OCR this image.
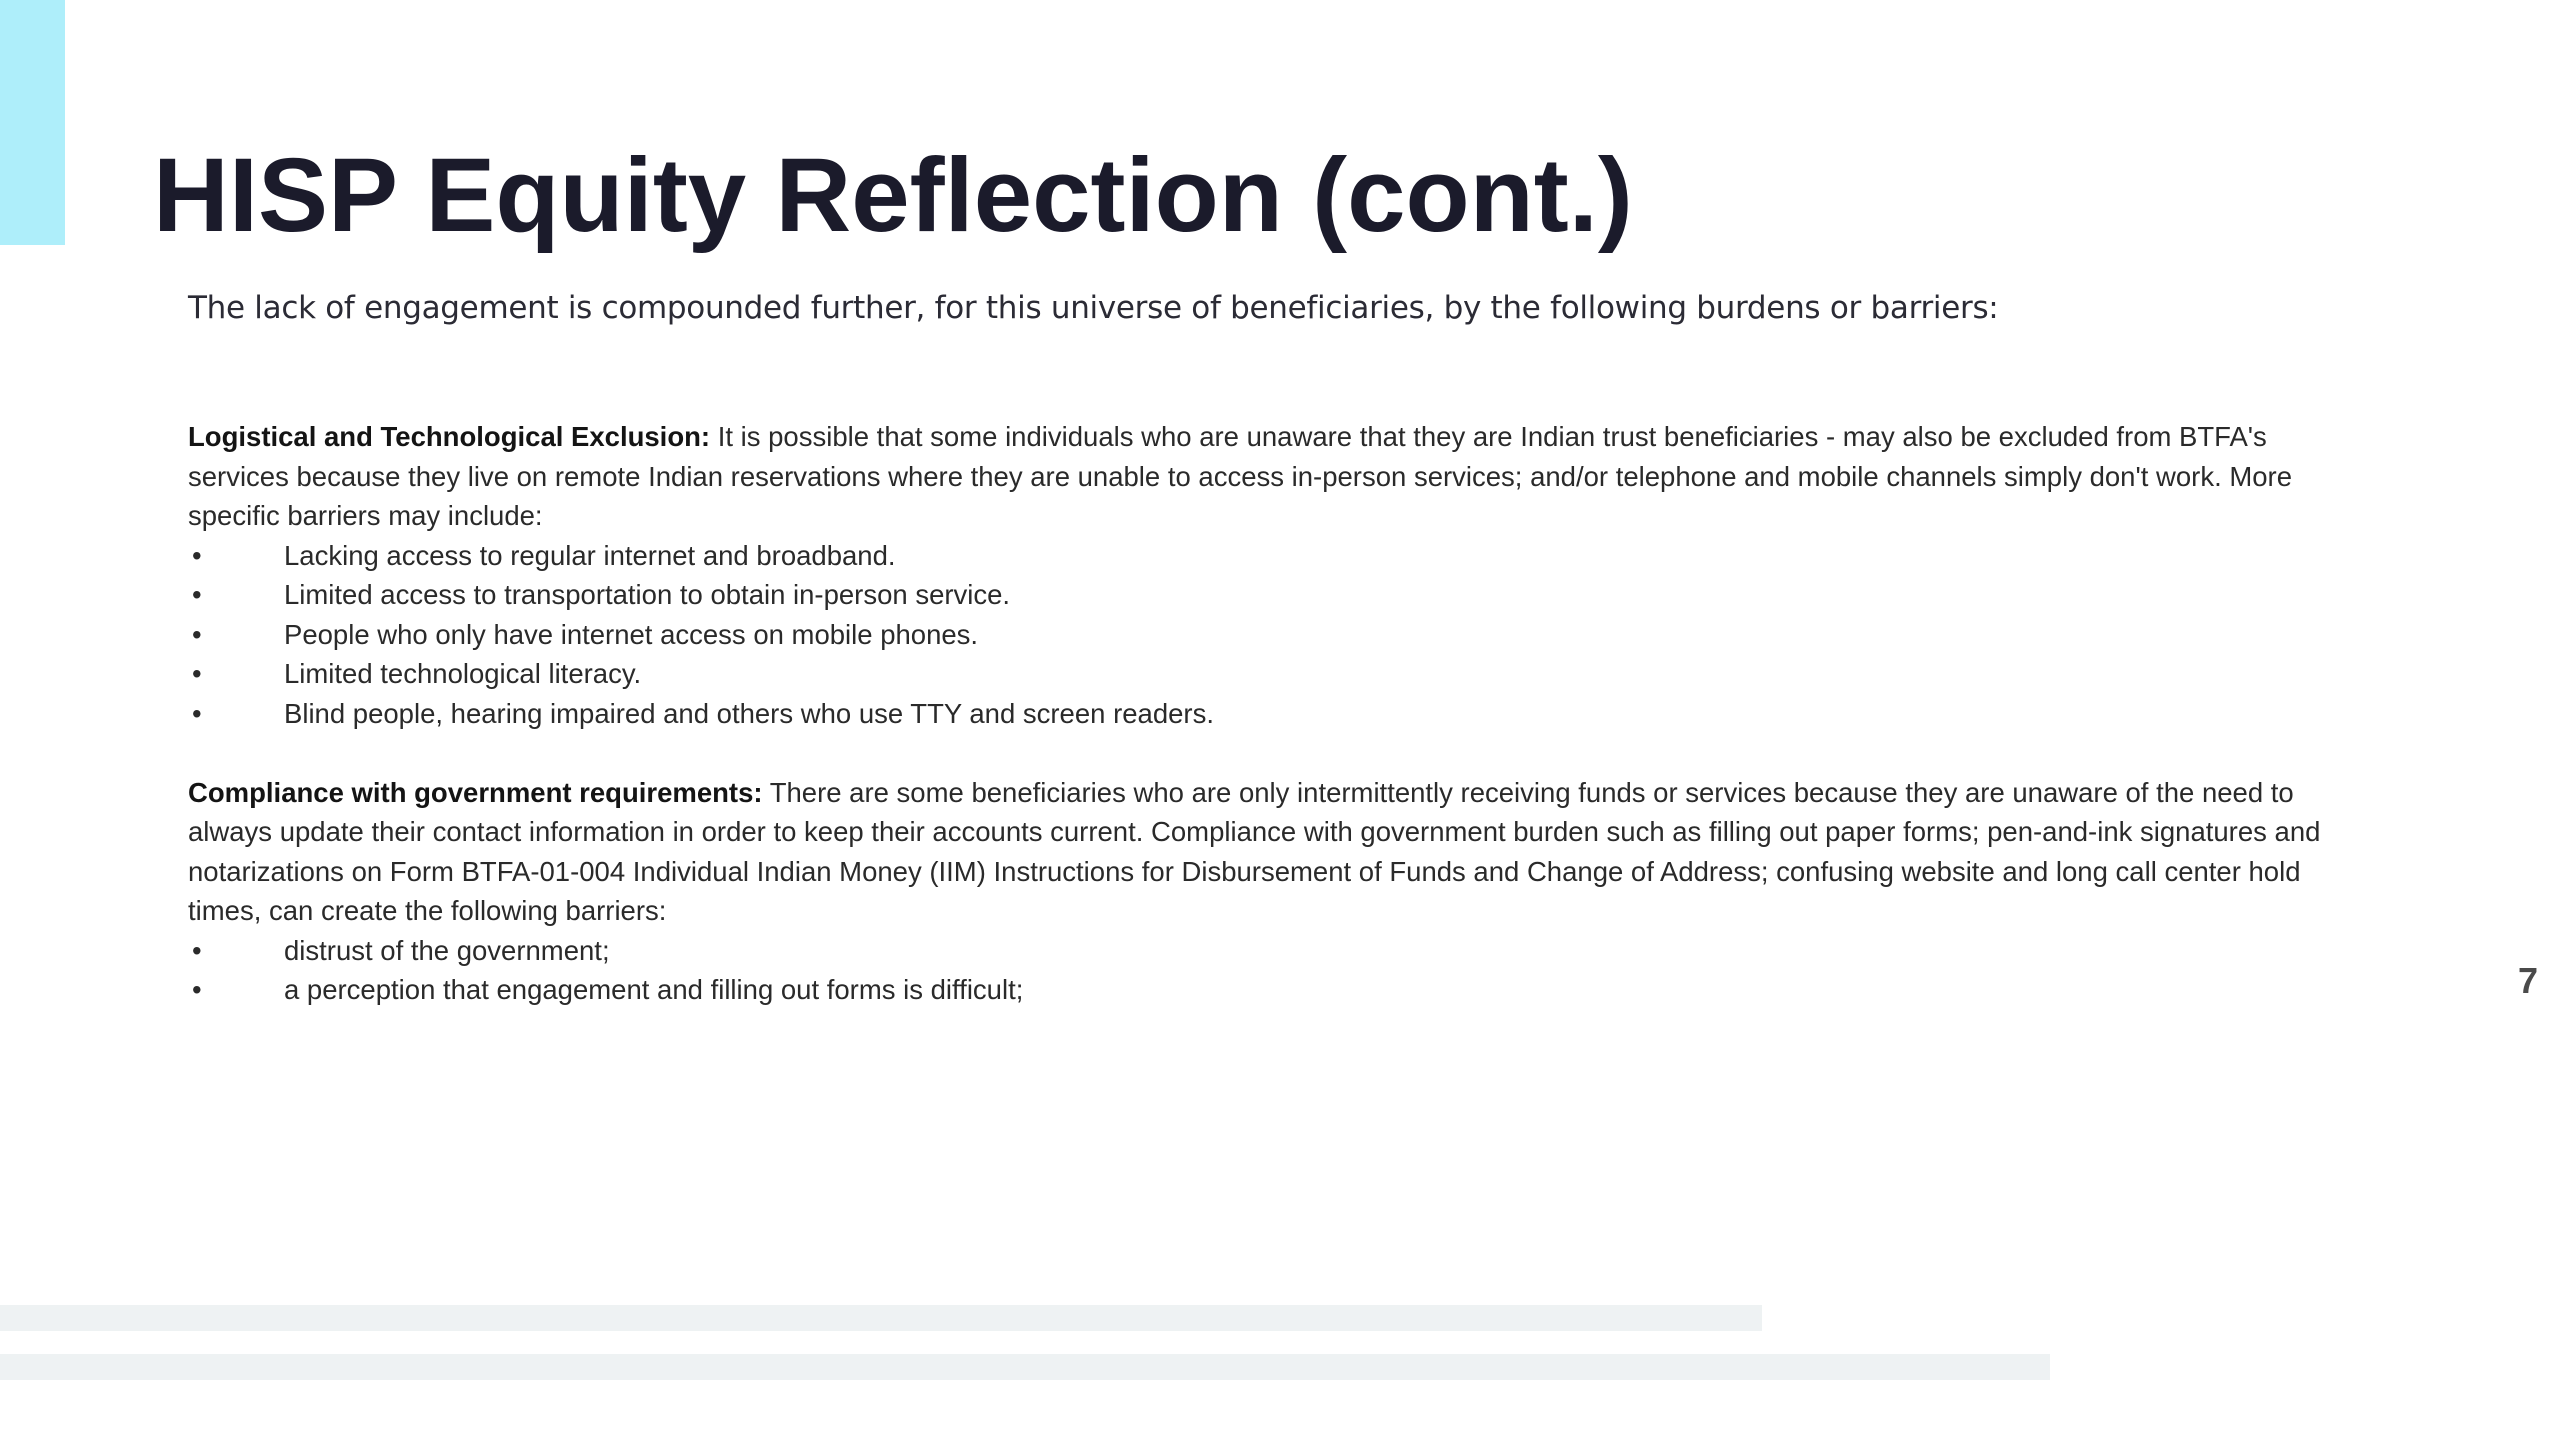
HISP Equity Reflection (cont.)

The lack of engagement is compounded further, for this universe of beneficiaries, by the following burdens or barriers:

Logistical and Technological Exclusion: It is possible that some individuals who are unaware that they are Indian trust beneficiaries - may also be excluded from BTFA's services because they live on remote Indian reservations where they are unable to access in-person services; and/or telephone and mobile channels simply don't work. More specific barriers may include:

•	Lacking access to regular internet and broadband.
•	Limited access to transportation to obtain in-person service.
•	People who only have internet access on mobile phones.
•	Limited technological literacy.
•	Blind people, hearing impaired and others who use TTY and screen readers.

Compliance with government requirements: There are some beneficiaries who are only intermittently receiving funds or services because they are unaware of the need to always update their contact information in order to keep their accounts current. Compliance with government burden such as filling out paper forms; pen-and-ink signatures and notarizations on Form BTFA-01-004 Individual Indian Money (IIM) Instructions for Disbursement of Funds and Change of Address; confusing website and long call center hold times, can create the following barriers:

•	distrust of the government;
•	a perception that engagement and filling out forms is difficult;	7
